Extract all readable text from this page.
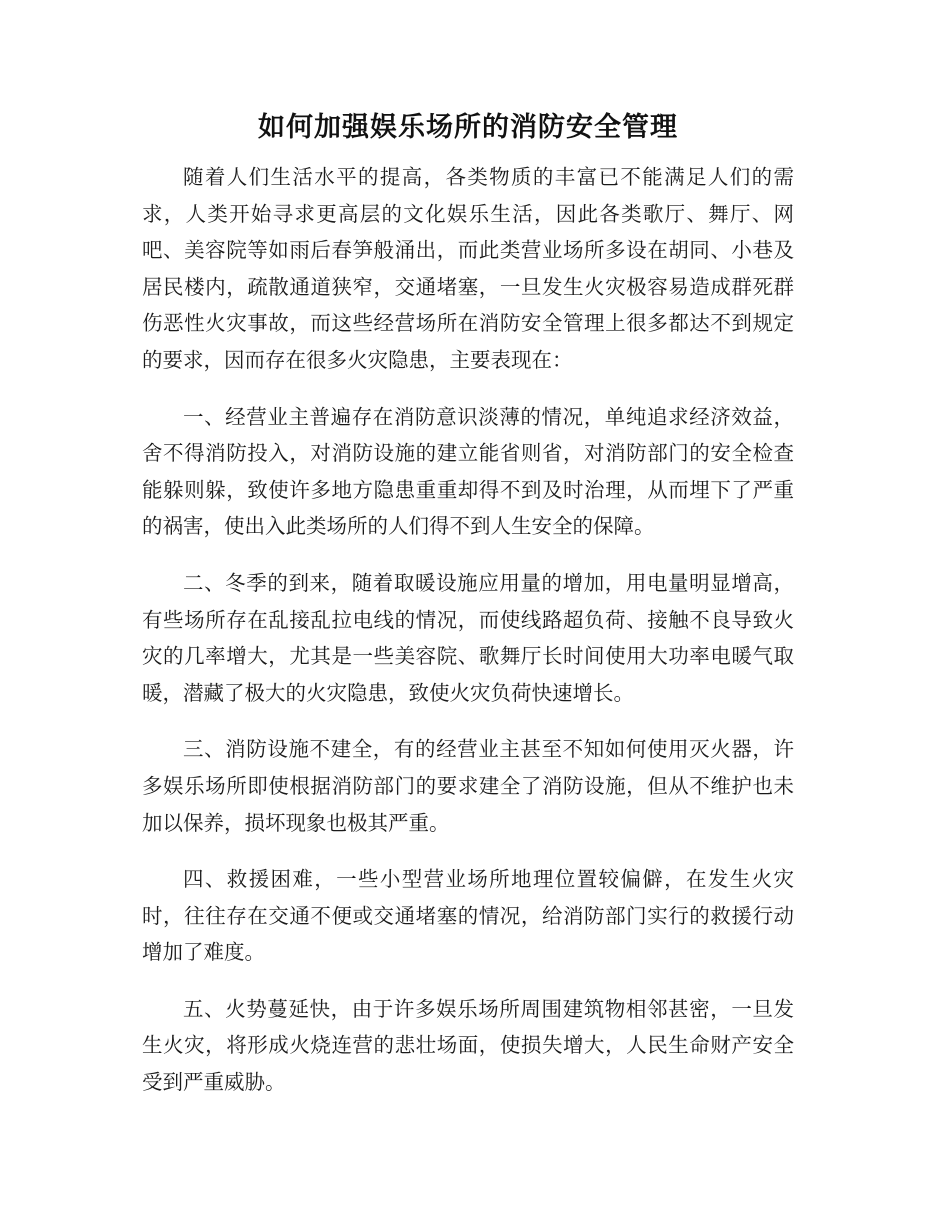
如何加强娱乐场所的消防安全管理

随着人们生活水平的提高，各类物质的丰富已不能满足人们的需求，人类开始寻求更高层的文化娱乐生活，因此各类歌厅、舞厅、网吧、美容院等如雨后春笋般涌出，而此类营业场所多设在胡同、小巷及居民楼内，疏散通道狭窄，交通堵塞，一旦发生火灾极容易造成群死群伤恶性火灾事故，而这些经营场所在消防安全管理上很多都达不到规定的要求，因而存在很多火灾隐患，主要表现在：

一、经营业主普遍存在消防意识淡薄的情况，单纯追求经济效益，舍不得消防投入，对消防设施的建立能省则省，对消防部门的安全检查能躲则躲，致使许多地方隐患重重却得不到及时治理，从而埋下了严重的祸害，使出入此类场所的人们得不到人生安全的保障。

二、冬季的到来，随着取暖设施应用量的增加，用电量明显增高，有些场所存在乱接乱拉电线的情况，而使线路超负荷、接触不良导致火灾的几率增大，尤其是一些美容院、歌舞厅长时间使用大功率电暖气取暖，潜藏了极大的火灾隐患，致使火灾负荷快速增长。

三、消防设施不建全，有的经营业主甚至不知如何使用灭火器，许多娱乐场所即使根据消防部门的要求建全了消防设施，但从不维护也未加以保养，损坏现象也极其严重。

四、救援困难，一些小型营业场所地理位置较偏僻，在发生火灾时，往往存在交通不便或交通堵塞的情况，给消防部门实行的救援行动增加了难度。

五、火势蔓延快，由于许多娱乐场所周围建筑物相邻甚密，一旦发生火灾，将形成火烧连营的悲壮场面，使损失增大，人民生命财产安全受到严重威胁。
